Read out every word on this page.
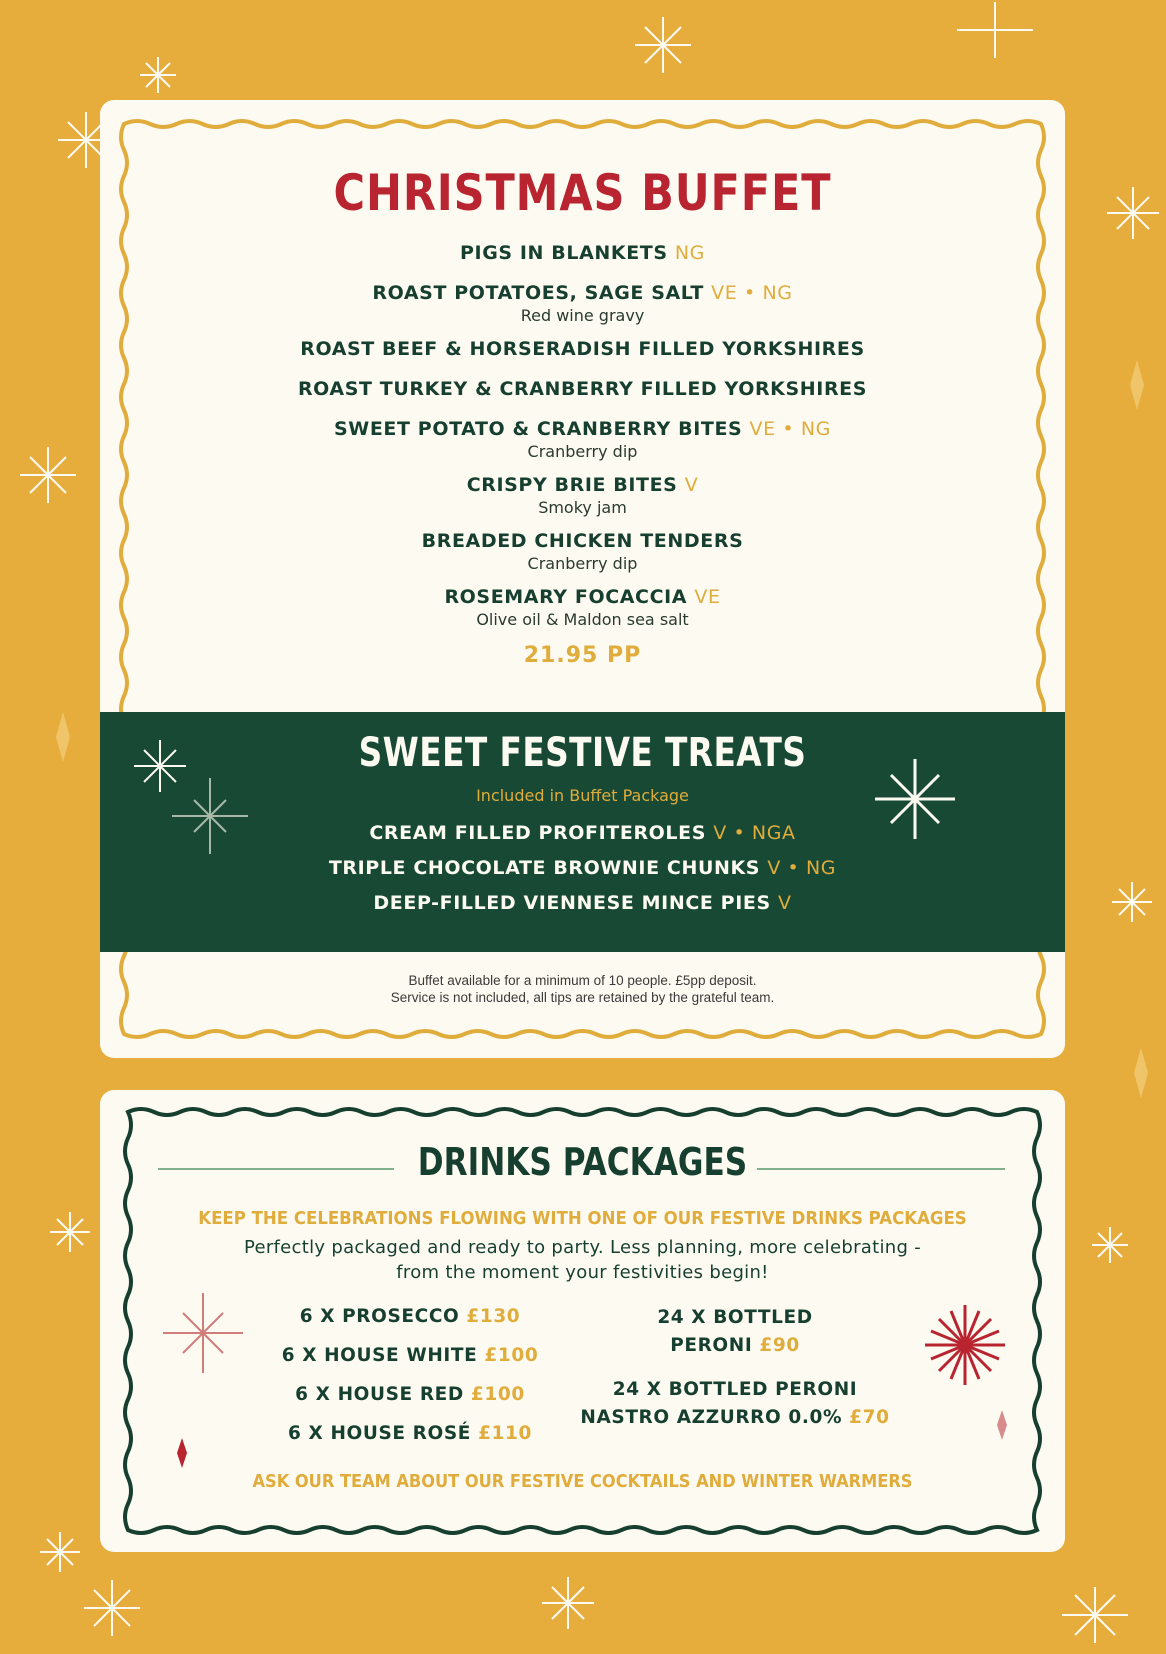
CHRISTMAS BUFFET
PIGS IN BLANKETS NG
ROAST POTATOES, SAGE SALT VE • NG
Red wine gravy
ROAST BEEF & HORSERADISH FILLED YORKSHIRES
ROAST TURKEY & CRANBERRY FILLED YORKSHIRES
SWEET POTATO & CRANBERRY BITES VE • NG
Cranberry dip
CRISPY BRIE BITES V
Smoky jam
BREADED CHICKEN TENDERS
Cranberry dip
ROSEMARY FOCACCIA VE
Olive oil & Maldon sea salt
21.95 PP
SWEET FESTIVE TREATS
Included in Buffet Package
CREAM FILLED PROFITEROLES V • NGA
TRIPLE CHOCOLATE BROWNIE CHUNKS V • NG
DEEP-FILLED VIENNESE MINCE PIES V
Buffet available for a minimum of 10 people. £5pp deposit.
Service is not included, all tips are retained by the grateful team.
DRINKS PACKAGES
KEEP THE CELEBRATIONS FLOWING WITH ONE OF OUR FESTIVE DRINKS PACKAGES
Perfectly packaged and ready to party. Less planning, more celebrating -
from the moment your festivities begin!
6 X PROSECCO £130
6 X HOUSE WHITE £100
6 X HOUSE RED £100
6 X HOUSE ROSÉ £110
24 X BOTTLED
PERONI £90
24 X BOTTLED PERONI
NASTRO AZZURRO 0.0% £70
ASK OUR TEAM ABOUT OUR FESTIVE COCKTAILS AND WINTER WARMERS
